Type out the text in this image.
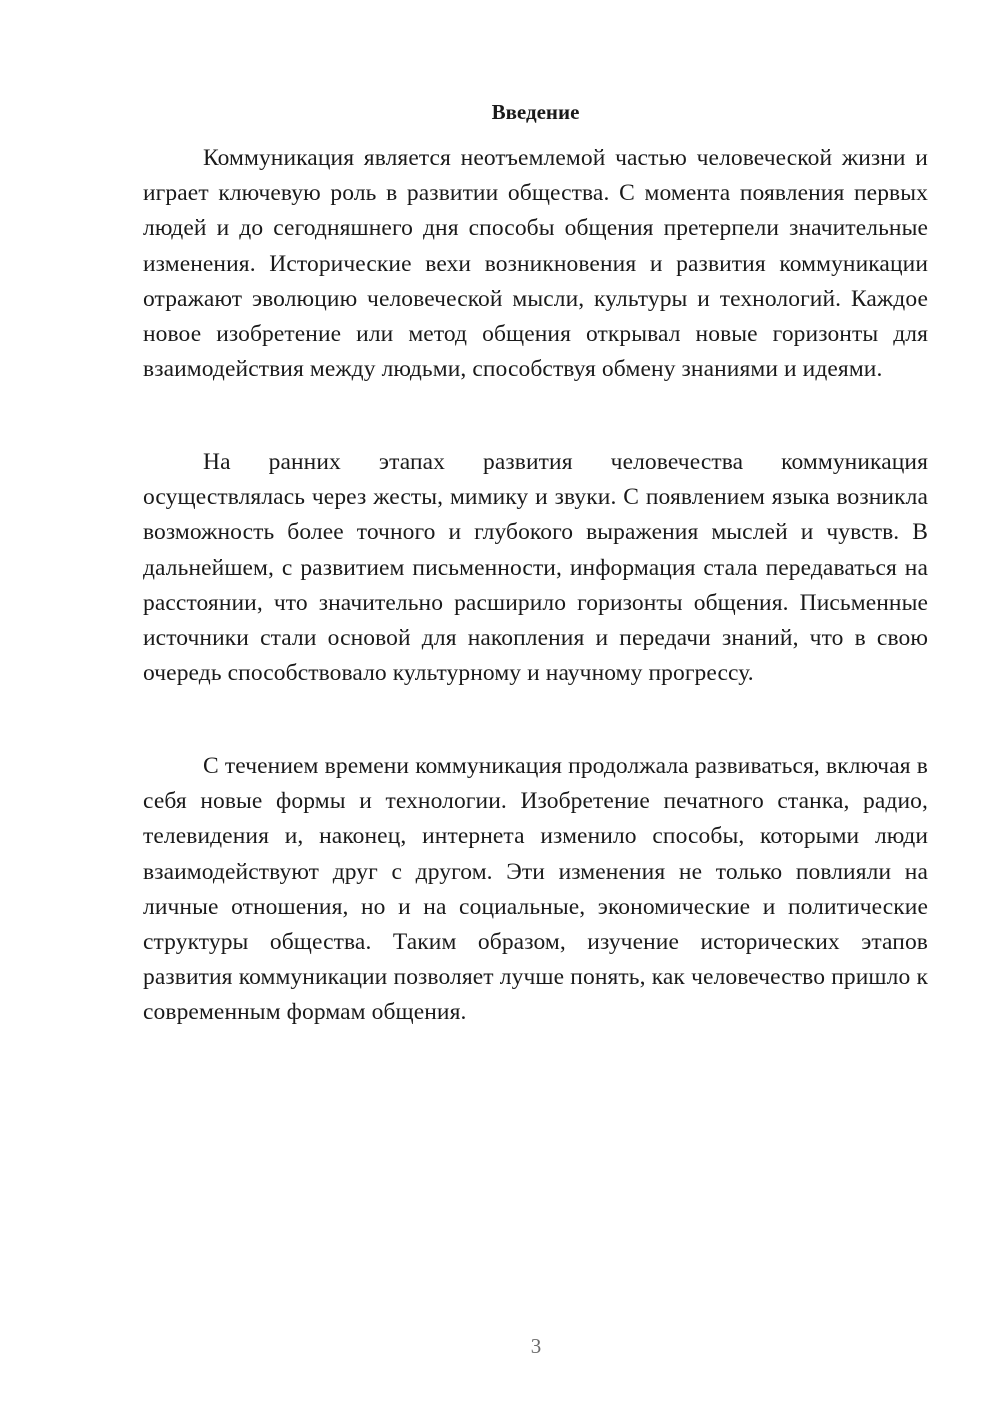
Введение

Коммуникация является неотъемлемой частью человеческой жизни и играет ключевую роль в развитии общества. С момента появления первых людей и до сегодняшнего дня способы общения претерпели значительные изменения. Исторические вехи возникновения и развития коммуникации отражают эволюцию человеческой мысли, культуры и технологий. Каждое новое изобретение или метод общения открывал новые горизонты для взаимодействия между людьми, способствуя обмену знаниями и идеями.

На ранних этапах развития человечества коммуникация осуществлялась через жесты, мимику и звуки. С появлением языка возникла возможность более точного и глубокого выражения мыслей и чувств. В дальнейшем, с развитием письменности, информация стала передаваться на расстоянии, что значительно расширило горизонты общения. Письменные источники стали основой для накопления и передачи знаний, что в свою очередь способствовало культурному и научному прогрессу.

С течением времени коммуникация продолжала развиваться, включая в себя новые формы и технологии. Изобретение печатного станка, радио, телевидения и, наконец, интернета изменило способы, которыми люди взаимодействуют друг с другом. Эти изменения не только повлияли на личные отношения, но и на социальные, экономические и политические структуры общества. Таким образом, изучение исторических этапов развития коммуникации позволяет лучше понять, как человечество пришло к современным формам общения.

3
